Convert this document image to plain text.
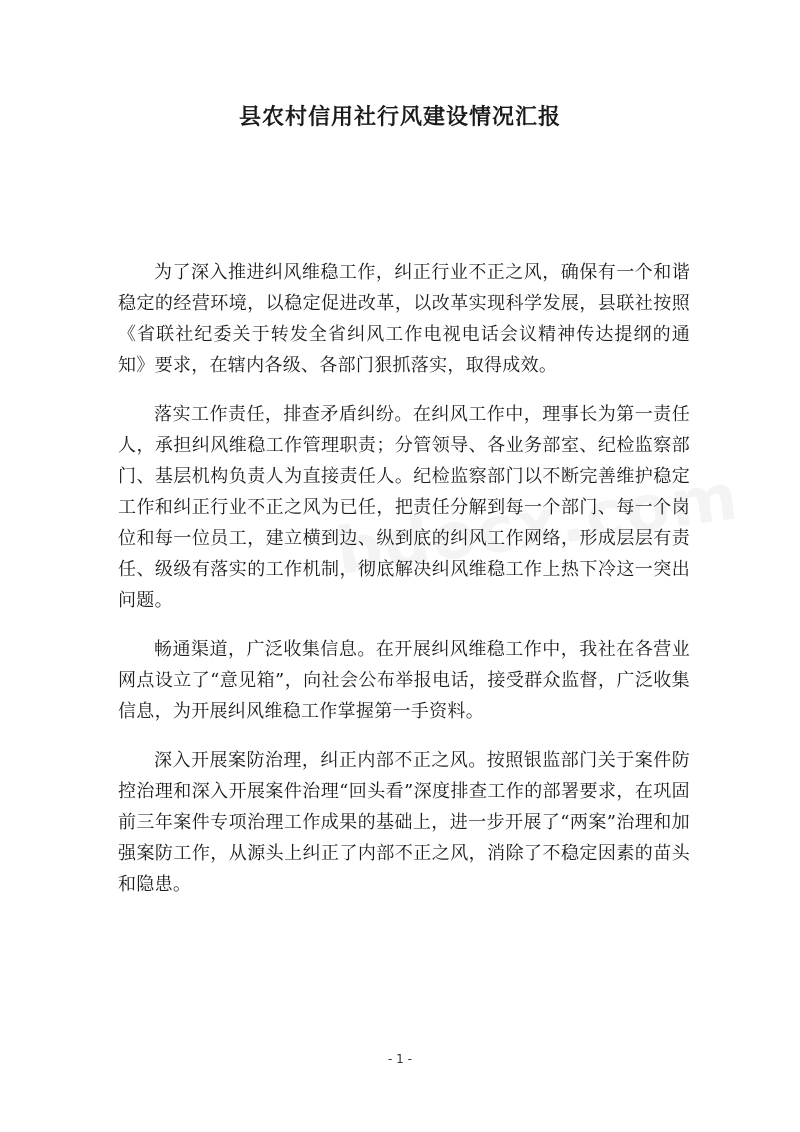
县农村信用社行风建设情况汇报

为了深入推进纠风维稳工作，纠正行业不正之风，确保有一个和谐稳定的经营环境，以稳定促进改革，以改革实现科学发展，县联社按照《省联社纪委关于转发全省纠风工作电视电话会议精神传达提纲的通知》要求，在辖内各级、各部门狠抓落实，取得成效。

落实工作责任，排查矛盾纠纷。在纠风工作中，理事长为第一责任人，承担纠风维稳工作管理职责；分管领导、各业务部室、纪检监察部门、基层机构负责人为直接责任人。纪检监察部门以不断完善维护稳定工作和纠正行业不正之风为已任，把责任分解到每一个部门、每一个岗位和每一位员工，建立横到边、纵到底的纠风工作网络，形成层层有责任、级级有落实的工作机制，彻底解决纠风维稳工作上热下冷这一突出问题。

畅通渠道，广泛收集信息。在开展纠风维稳工作中，我社在各营业网点设立了“意见箱”，向社会公布举报电话，接受群众监督，广泛收集信息，为开展纠风维稳工作掌握第一手资料。

深入开展案防治理，纠正内部不正之风。按照银监部门关于案件防控治理和深入开展案件治理“回头看”深度排查工作的部署要求，在巩固前三年案件专项治理工作成果的基础上，进一步开展了“两案”治理和加强案防工作，从源头上纠正了内部不正之风，消除了不稳定因素的苗头和隐患。

- 1 -
